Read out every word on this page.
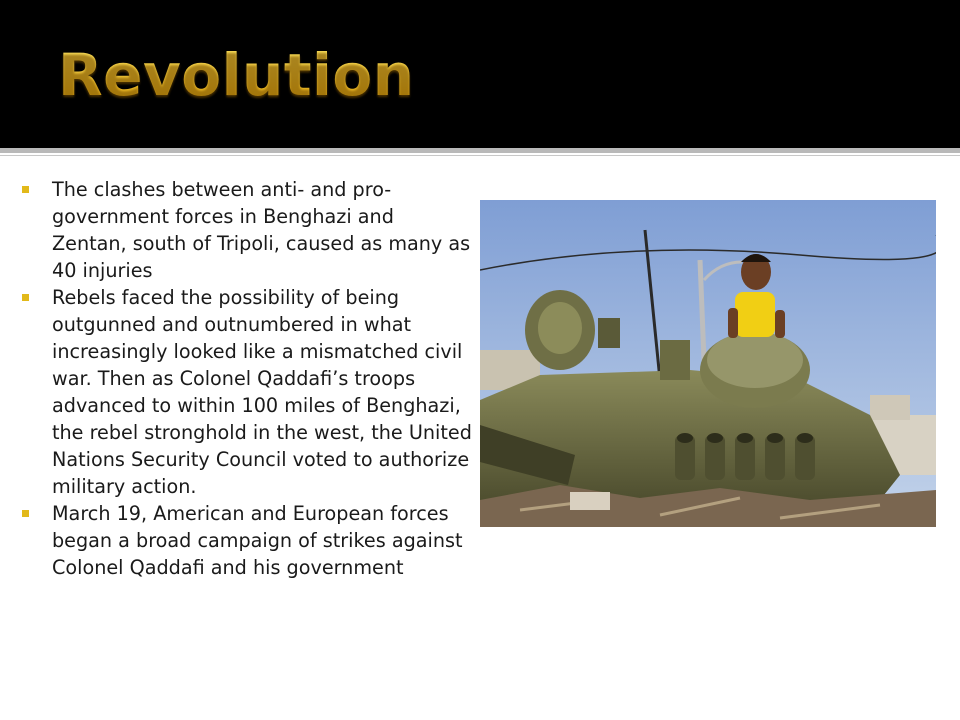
Revolution
The clashes between anti- and pro-government forces in Benghazi and Zentan, south of Tripoli, caused as many as 40 injuries
Rebels faced the possibility of being outgunned and outnumbered in what increasingly looked like a mismatched civil war. Then as Colonel Qaddafi’s troops advanced to within 100 miles of Benghazi, the rebel stronghold in the west, the United Nations Security Council voted to authorize military action.
March 19, American and European forces began a broad campaign of strikes against Colonel Qaddafi and his government
